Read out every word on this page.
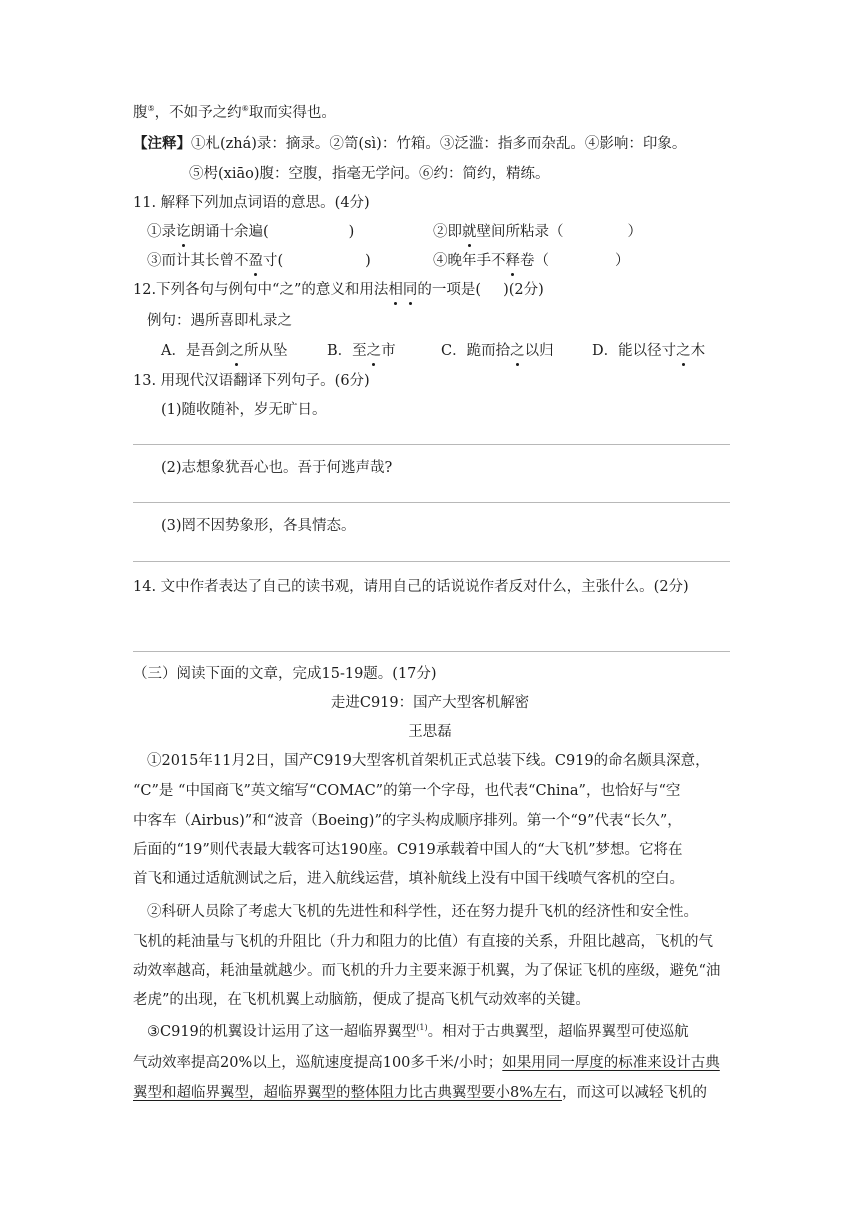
腹⑤，不如予之约⑥取而实得也。
【注释】①札(zhá)录：摘录。②笥(sì)：竹箱。③泛滥：指多而杂乱。④影响：印象。
⑤枵(xiāo)腹：空腹，指毫无学问。⑥约：简约，精练。
11. 解释下列加点词语的意思。(4分)
①录讫朗诵十余遍(	)	②即就壁间所粘录（	）
③而计其长曾不盈寸(	)	④晚年手不释卷（	）
12.下列各句与例句中“之”的意义和用法相同的一项是( )(2分)
例句：遇所喜即札录之
A．是吾剑之所从坠	B．至之市	C．跪而拾之以归	D．能以径寸之木
13. 用现代汉语翻译下列句子。(6分)
(1)随收随补，岁无旷日。
(2)志想象犹吾心也。吾于何逃声哉?
(3)罔不因势象形，各具情态。
14. 文中作者表达了自己的读书观，请用自己的话说说作者反对什么，主张什么。(2分)
（三）阅读下面的文章，完成15-19题。(17分)
走进C919：国产大型客机解密
王思磊
①2015年11月2日，国产C919大型客机首架机正式总装下线。C919的命名颇具深意，
“C”是 “中国商飞”英文缩写“COMAC”的第一个字母，也代表“China”，也恰好与“空
中客车（Airbus)”和“波音（Boeing)”的字头构成顺序排列。第一个“9”代表“长久”，
后面的“19”则代表最大载客可达190座。C919承载着中国人的“大飞机”梦想。它将在
首飞和通过适航测试之后，进入航线运营，填补航线上没有中国干线喷气客机的空白。
②科研人员除了考虑大飞机的先进性和科学性，还在努力提升飞机的经济性和安全性。
飞机的耗油量与飞机的升阻比（升力和阻力的比值）有直接的关系，升阻比越高，飞机的气
动效率越高，耗油量就越少。而飞机的升力主要来源于机翼，为了保证飞机的座级，避免“油
老虎”的出现，在飞机机翼上动脑筋，便成了提高飞机气动效率的关键。
③C919的机翼设计运用了这一超临界翼型$^{(1)}$。相对于古典翼型，超临界翼型可使巡航
气动效率提高20%以上，巡航速度提高100多千米/小时；如果用同一厚度的标准来设计古典
翼型和超临界翼型，超临界翼型的整体阻力比古典翼型要小8%左右，而这可以减轻飞机的
